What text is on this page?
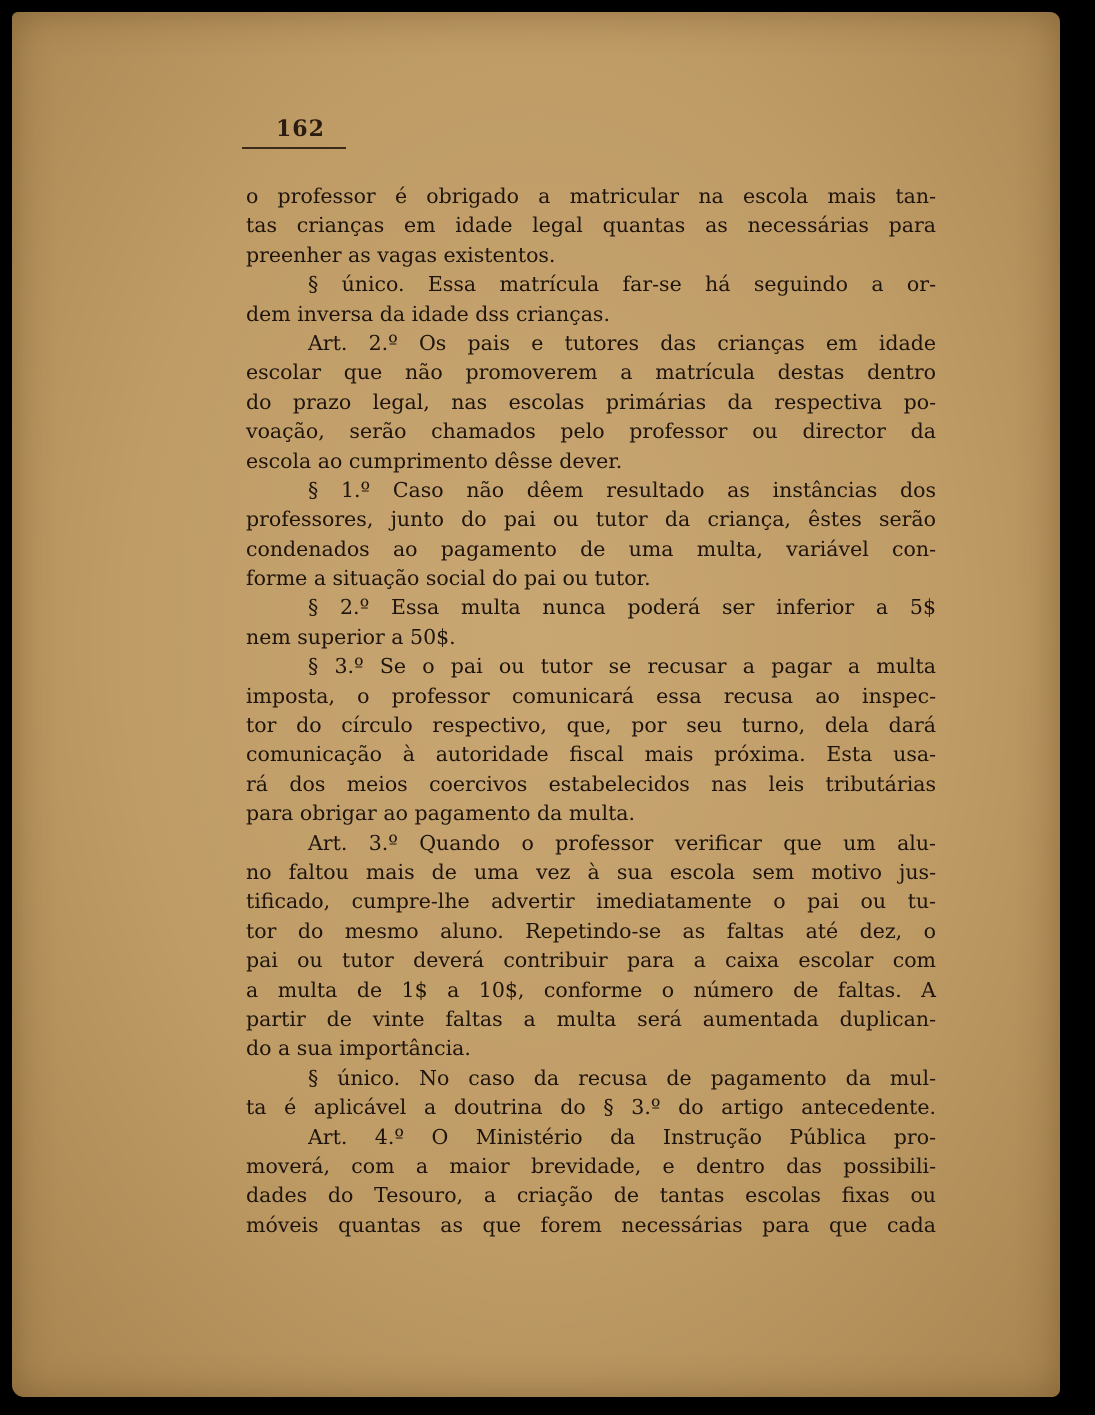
162
o professor é obrigado a matricular na escola mais tan-
tas crianças em idade legal quantas as necessárias para
preenher as vagas existentos.
§ único. Essa matrícula far-se há seguindo a or-
dem inversa da idade dss crianças.
Art. 2.º Os pais e tutores das crianças em idade
escolar que não promoverem a matrícula destas dentro
do prazo legal, nas escolas primárias da respectiva po-
voação, serão chamados pelo professor ou director da
escola ao cumprimento dêsse dever.
§ 1.º Caso não dêem resultado as instâncias dos
professores, junto do pai ou tutor da criança, êstes serão
condenados ao pagamento de uma multa, variável con-
forme a situação social do pai ou tutor.
§ 2.º Essa multa nunca poderá ser inferior a 5$
nem superior a 50$.
§ 3.º Se o pai ou tutor se recusar a pagar a multa
imposta, o professor comunicará essa recusa ao inspec-
tor do círculo respectivo, que, por seu turno, dela dará
comunicação à autoridade fiscal mais próxima. Esta usa-
rá dos meios coercivos estabelecidos nas leis tributárias
para obrigar ao pagamento da multa.
Art. 3.º Quando o professor verificar que um alu-
no faltou mais de uma vez à sua escola sem motivo jus-
tificado, cumpre-lhe advertir imediatamente o pai ou tu-
tor do mesmo aluno. Repetindo-se as faltas até dez, o
pai ou tutor deverá contribuir para a caixa escolar com
a multa de 1$ a 10$, conforme o número de faltas. A
partir de vinte faltas a multa será aumentada duplican-
do a sua importância.
§ único. No caso da recusa de pagamento da mul-
ta é aplicável a doutrina do § 3.º do artigo antecedente.
Art. 4.º O Ministério da Instrução Pública pro-
moverá, com a maior brevidade, e dentro das possibili-
dades do Tesouro, a criação de tantas escolas fixas ou
móveis quantas as que forem necessárias para que cada
